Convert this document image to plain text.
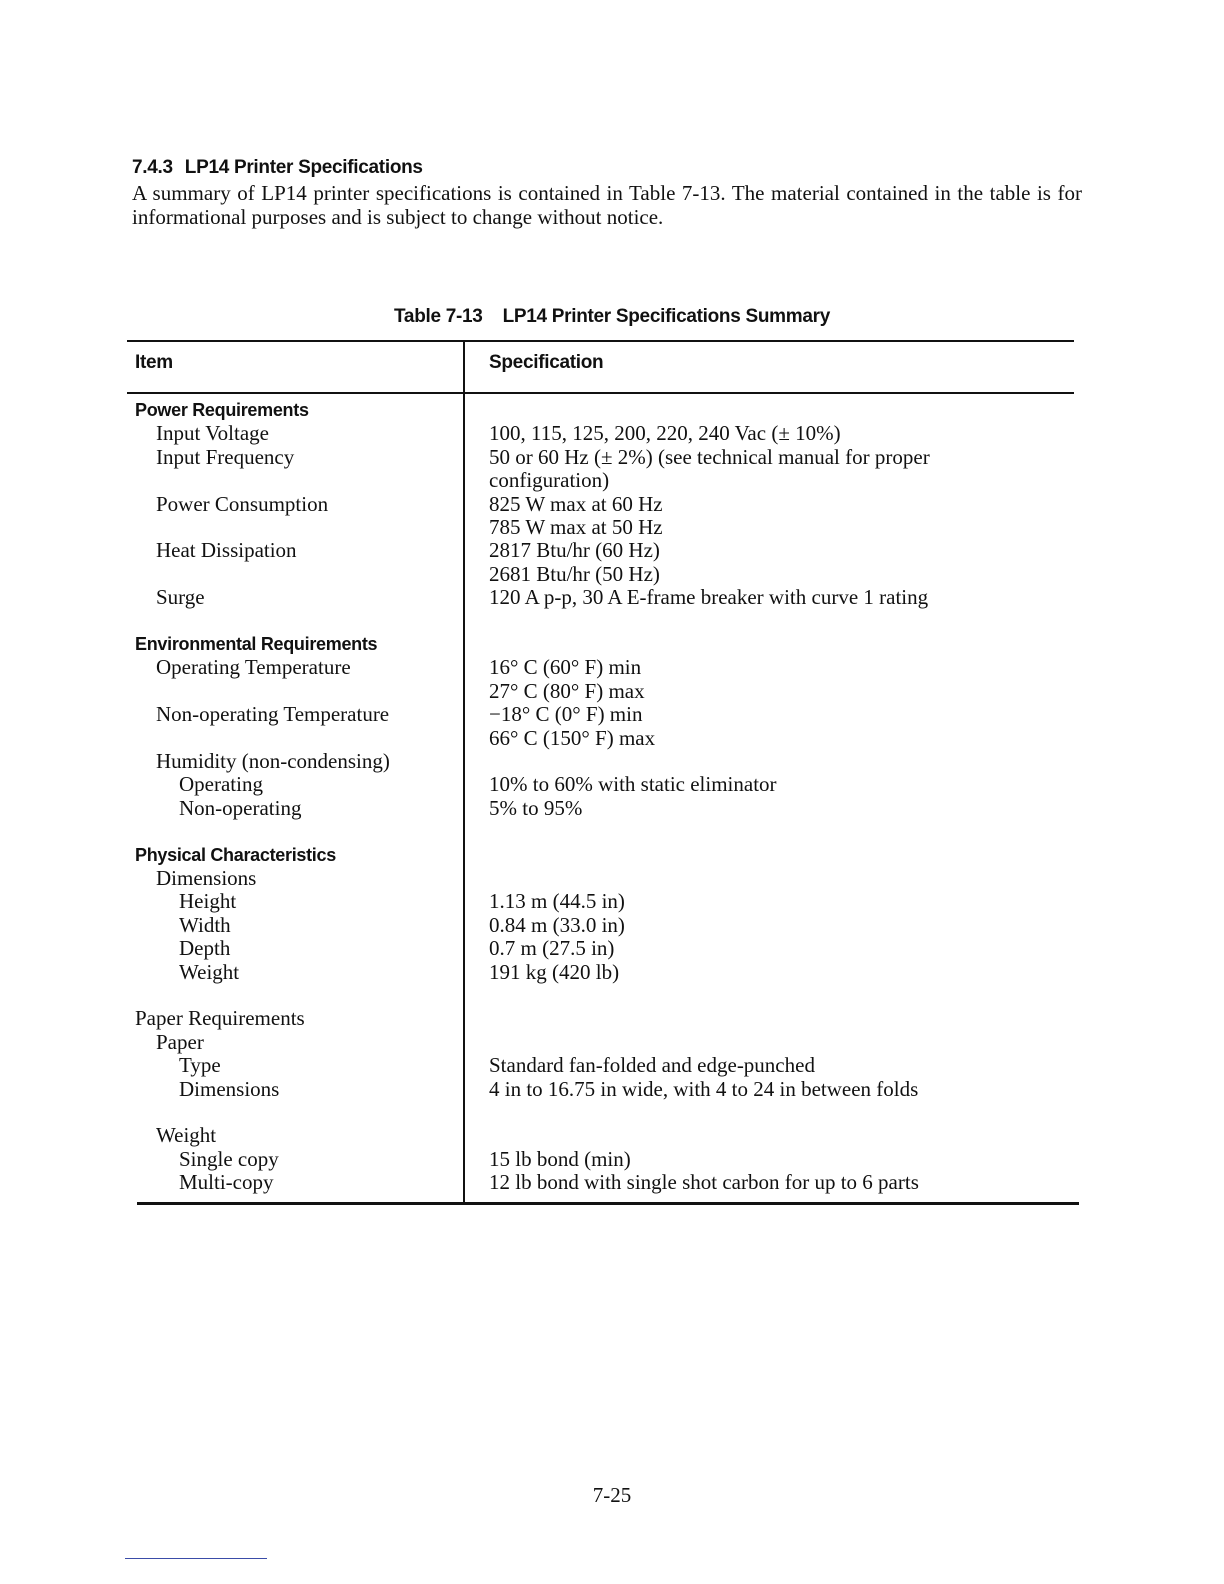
7.4.3 LP14 Printer Specifications
A summary of LP14 printer specifications is contained in Table 7-13. The material contained in the table is for informational purposes and is subject to change without notice.
Table 7-13 LP14 Printer Specifications Summary
Item	Specification
Power Requirements
Input Voltage	100, 115, 125, 200, 220, 240 Vac (± 10%)
Input Frequency	50 or 60 Hz (± 2%) (see technical manual for proper
configuration)
Power Consumption	825 W max at 60 Hz
785 W max at 50 Hz
Heat Dissipation	2817 Btu/hr (60 Hz)
2681 Btu/hr (50 Hz)
Surge	120 A p-p, 30 A E-frame breaker with curve 1 rating
Environmental Requirements
Operating Temperature	16° C (60° F) min
27° C (80° F) max
Non-operating Temperature	−18° C (0° F) min
66° C (150° F) max
Humidity (non-condensing)
Operating	10% to 60% with static eliminator
Non-operating	5% to 95%
Physical Characteristics
Dimensions
Height	1.13 m (44.5 in)
Width	0.84 m (33.0 in)
Depth	0.7 m (27.5 in)
Weight	191 kg (420 lb)
Paper Requirements
Paper
Type	Standard fan-folded and edge-punched
Dimensions	4 in to 16.75 in wide, with 4 to 24 in between folds
Weight
Single copy	15 lb bond (min)
Multi-copy	12 lb bond with single shot carbon for up to 6 parts
7-25
